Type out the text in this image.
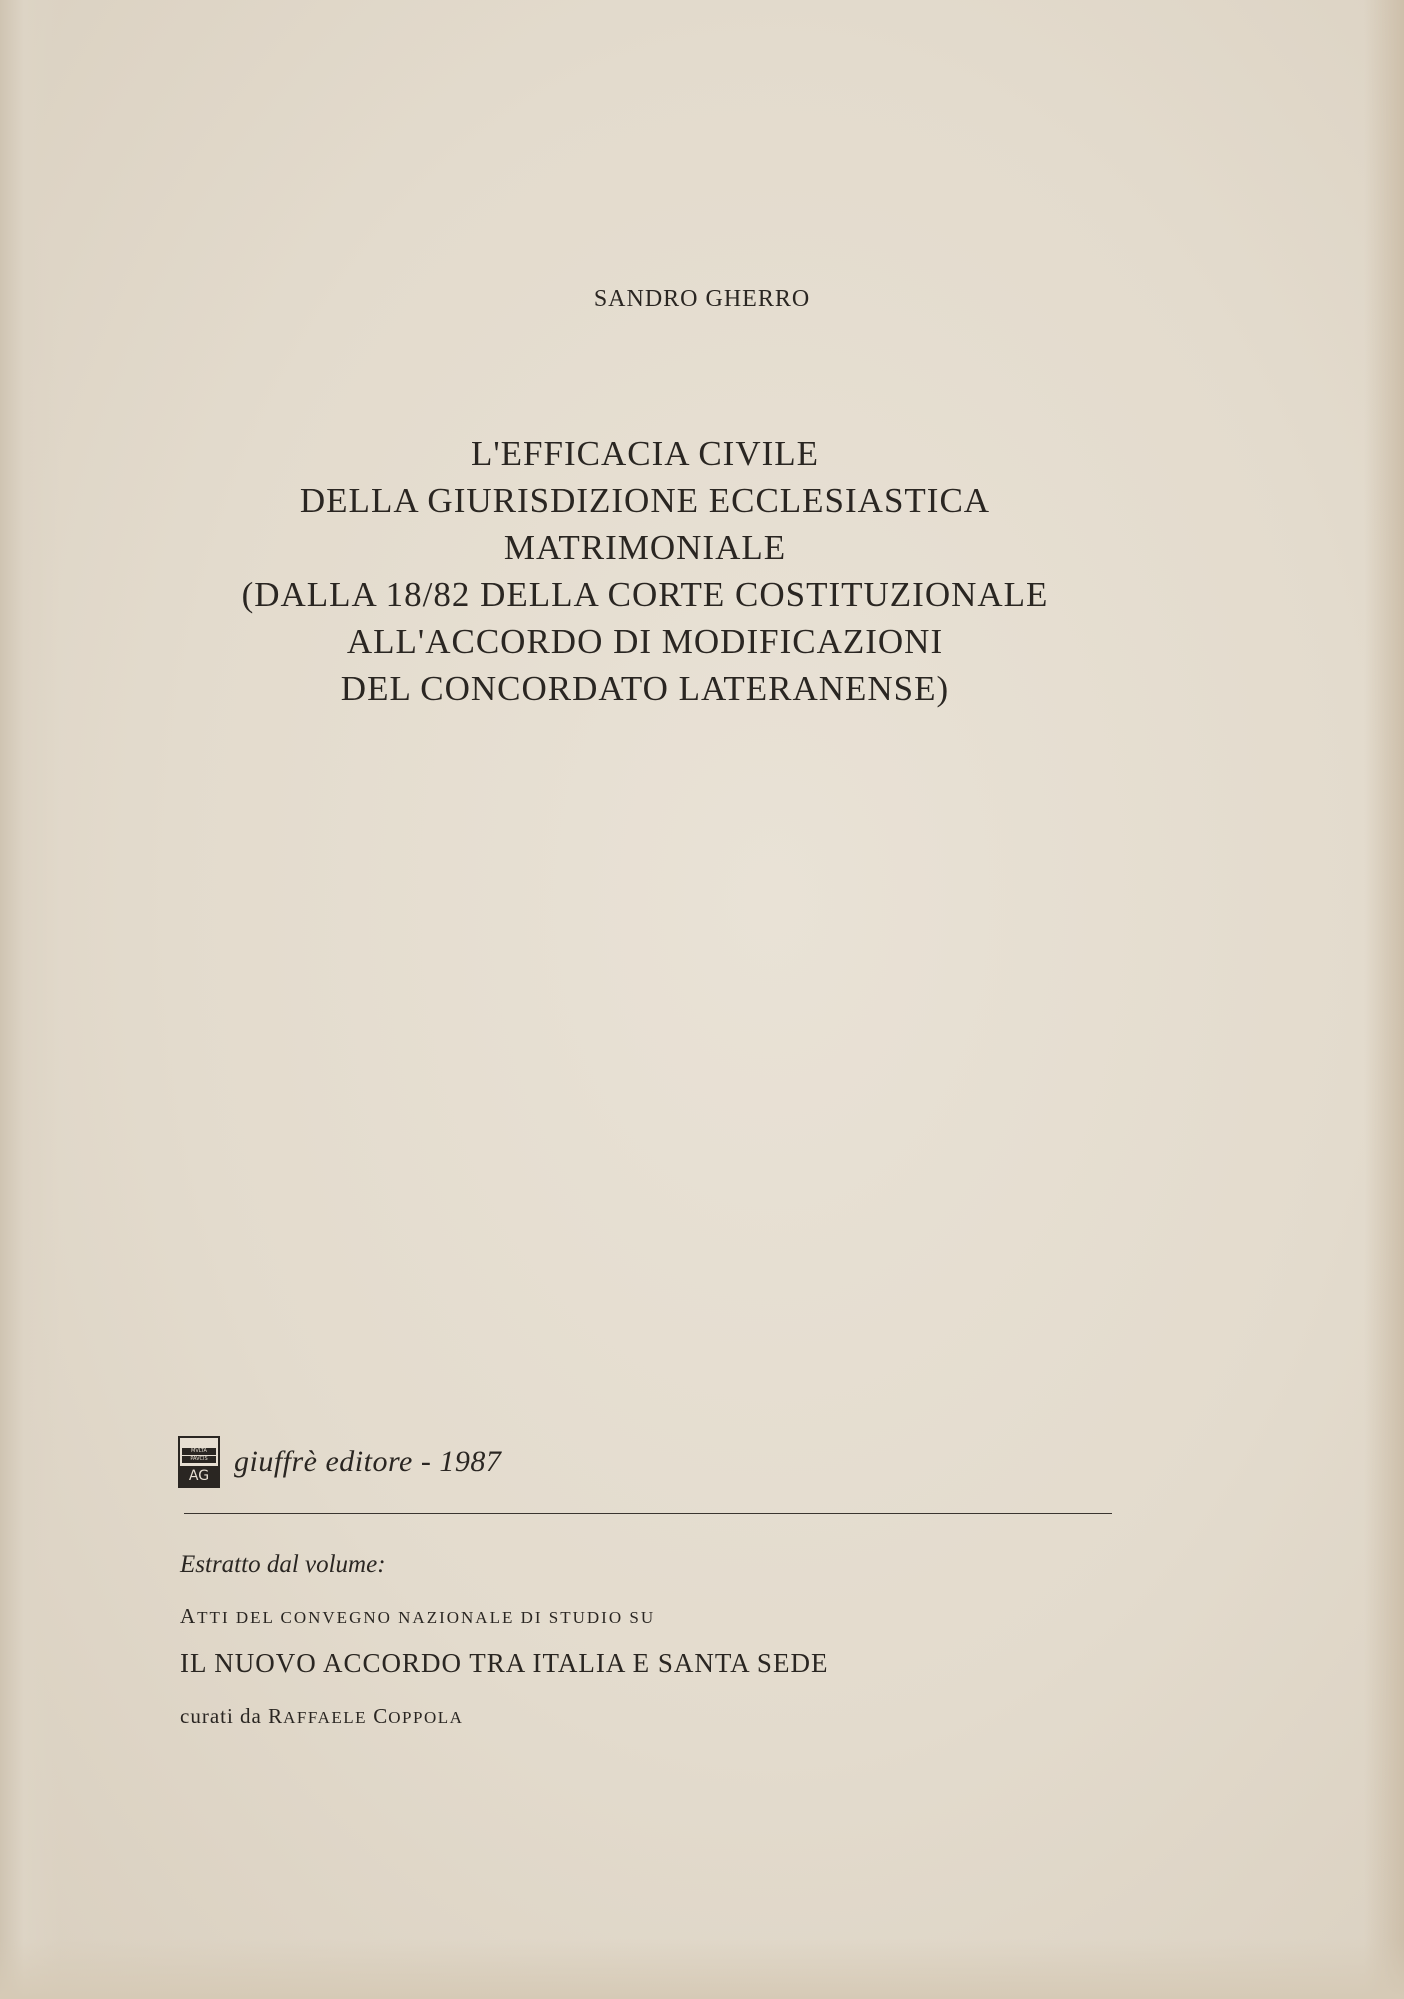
SANDRO GHERRO
L'EFFICACIA CIVILE
DELLA GIURISDIZIONE ECCLESIASTICA
MATRIMONIALE
(DALLA 18/82 DELLA CORTE COSTITUZIONALE
ALL'ACCORDO DI MODIFICAZIONI
DEL CONCORDATO LATERANENSE)
MVLTA
PAVCIS
AG giuffrè editore - 1987
Estratto dal volume:
ATTI DEL CONVEGNO NAZIONALE DI STUDIO SU
IL NUOVO ACCORDO TRA ITALIA E SANTA SEDE
curati da RAFFAELE COPPOLA
